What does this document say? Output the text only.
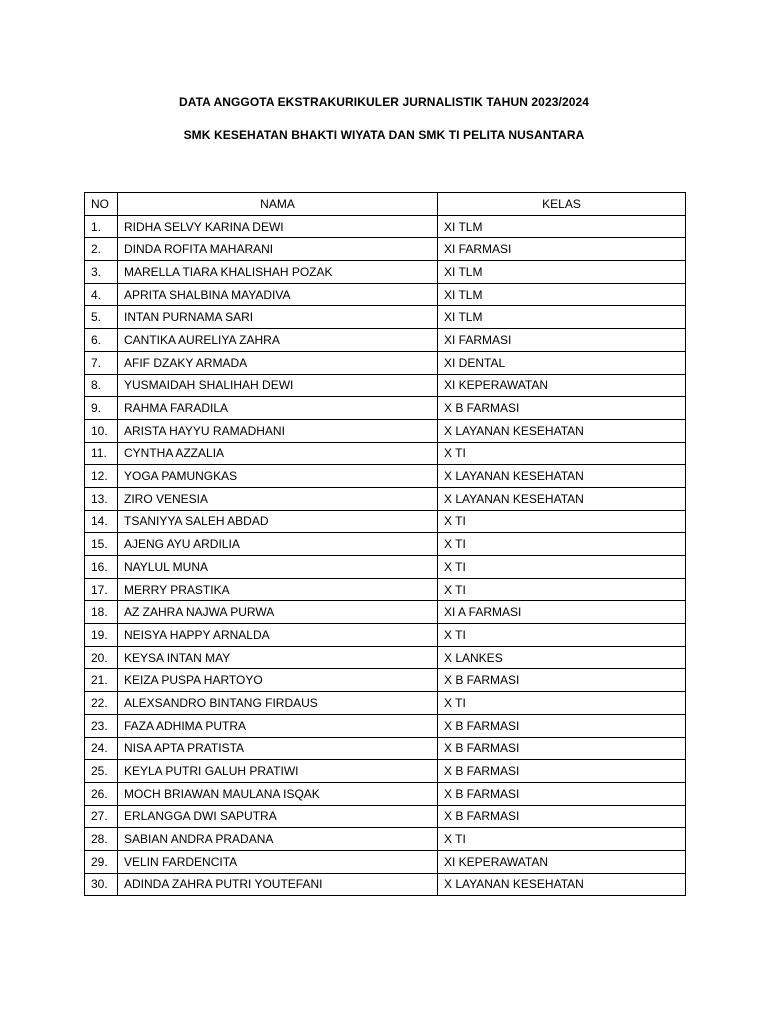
DATA ANGGOTA EKSTRAKURIKULER JURNALISTIK TAHUN 2023/2024
SMK KESEHATAN BHAKTI WIYATA DAN SMK TI PELITA NUSANTARA
NO	NAMA	KELAS
1.	RIDHA SELVY KARINA DEWI	XI TLM
2.	DINDA ROFITA MAHARANI	XI FARMASI
3.	MARELLA TIARA KHALISHAH POZAK	XI TLM
4.	APRITA SHALBINA MAYADIVA	XI TLM
5.	INTAN PURNAMA SARI	XI TLM
6.	CANTIKA AURELIYA ZAHRA	XI FARMASI
7.	AFIF DZAKY ARMADA	XI DENTAL
8.	YUSMAIDAH SHALIHAH DEWI	XI KEPERAWATAN
9.	RAHMA FARADILA	X B FARMASI
10.	ARISTA HAYYU RAMADHANI	X LAYANAN KESEHATAN
11.	CYNTHA AZZALIA	X TI
12.	YOGA PAMUNGKAS	X LAYANAN KESEHATAN
13.	ZIRO VENESIA	X LAYANAN KESEHATAN
14.	TSANIYYA SALEH ABDAD	X TI
15.	AJENG AYU ARDILIA	X TI
16.	NAYLUL MUNA	X TI
17.	MERRY PRASTIKA	X TI
18.	AZ ZAHRA NAJWA PURWA	XI A FARMASI
19.	NEISYA HAPPY ARNALDA	X TI
20.	KEYSA INTAN MAY	X LANKES
21.	KEIZA PUSPA HARTOYO	X B FARMASI
22.	ALEXSANDRO BINTANG FIRDAUS	X TI
23.	FAZA ADHIMA PUTRA	X B FARMASI
24.	NISA APTA PRATISTA	X B FARMASI
25.	KEYLA PUTRI GALUH PRATIWI	X B FARMASI
26.	MOCH BRIAWAN MAULANA ISQAK	X B FARMASI
27.	ERLANGGA DWI SAPUTRA	X B FARMASI
28.	SABIAN ANDRA PRADANA	X TI
29.	VELIN FARDENCITA	XI KEPERAWATAN
30.	ADINDA ZAHRA PUTRI YOUTEFANI	X LAYANAN KESEHATAN
